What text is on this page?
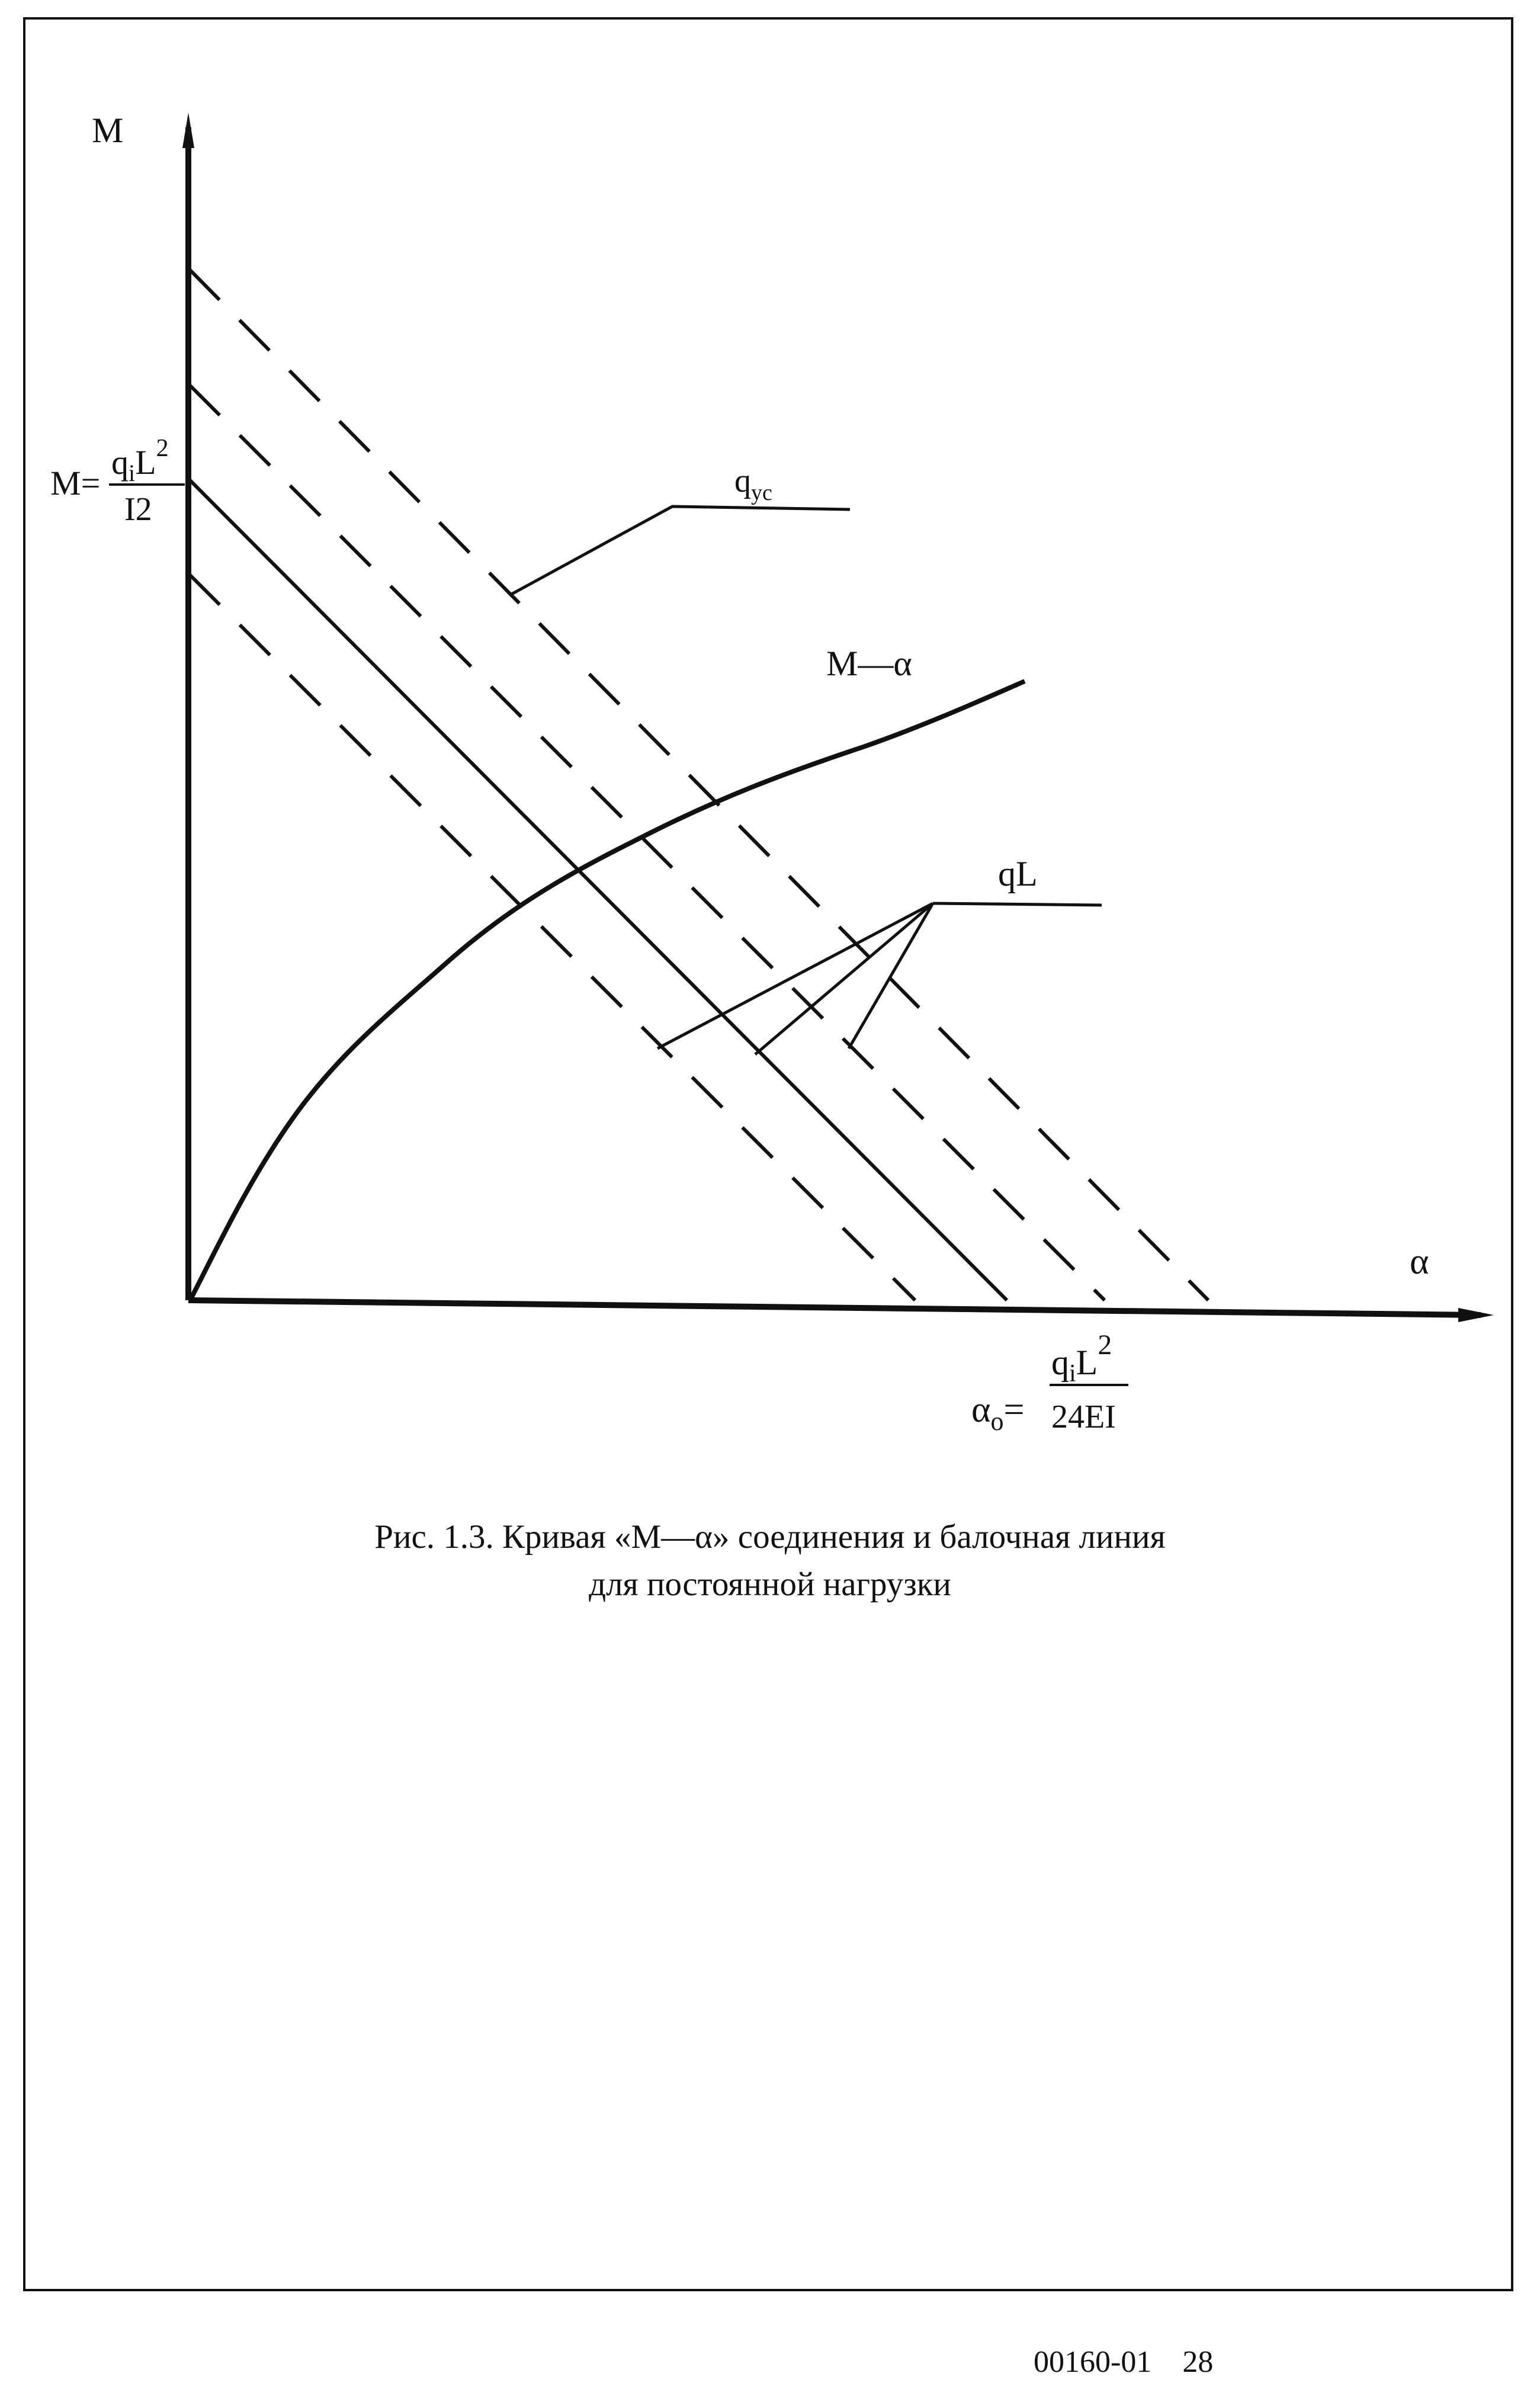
M
α
M=
$q_iL^2$
I2
$\alpha_o=$
$q_iL^2$
24EI
$q_{ус}$
M—α
qL
Рис. 1.3. Кривая «M—α» соединения и балочная линия
для постоянной нагрузки
00160-01 28
